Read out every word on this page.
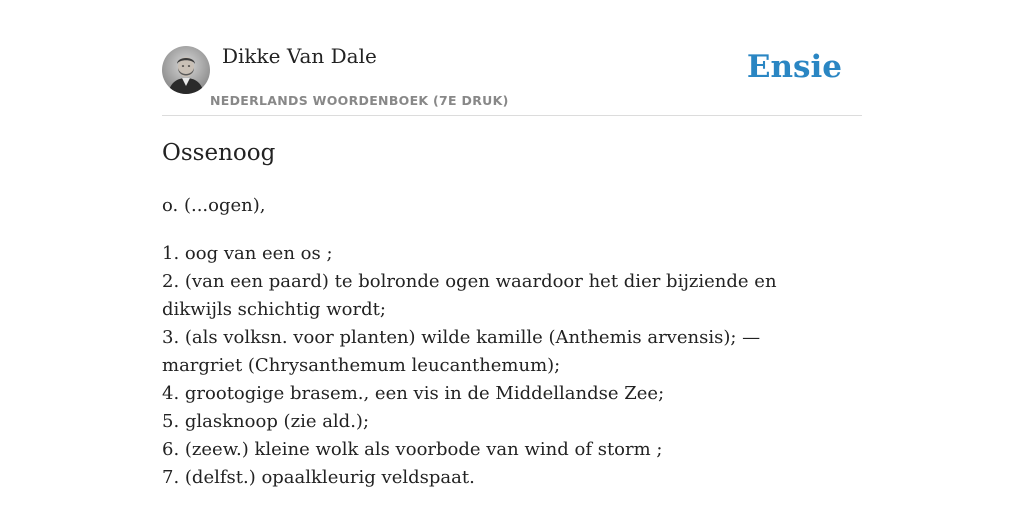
Dikke Van Dale
NEDERLANDS WOORDENBOEK (7E DRUK)
Ensie
Ossenoog
o. (...ogen),
1. oog van een os ;
2. (van een paard) te bolronde ogen waardoor het dier bijziende en dikwijls schichtig wordt;
3. (als volksn. voor planten) wilde kamille (Anthemis arvensis); — margriet (Chrysanthemum leucanthemum);
4. grootogige brasem., een vis in de Middellandse Zee;
5. glasknoop (zie ald.);
6. (zeew.) kleine wolk als voorbode van wind of storm ;
7. (delfst.) opaalkleurig veldspaat.
